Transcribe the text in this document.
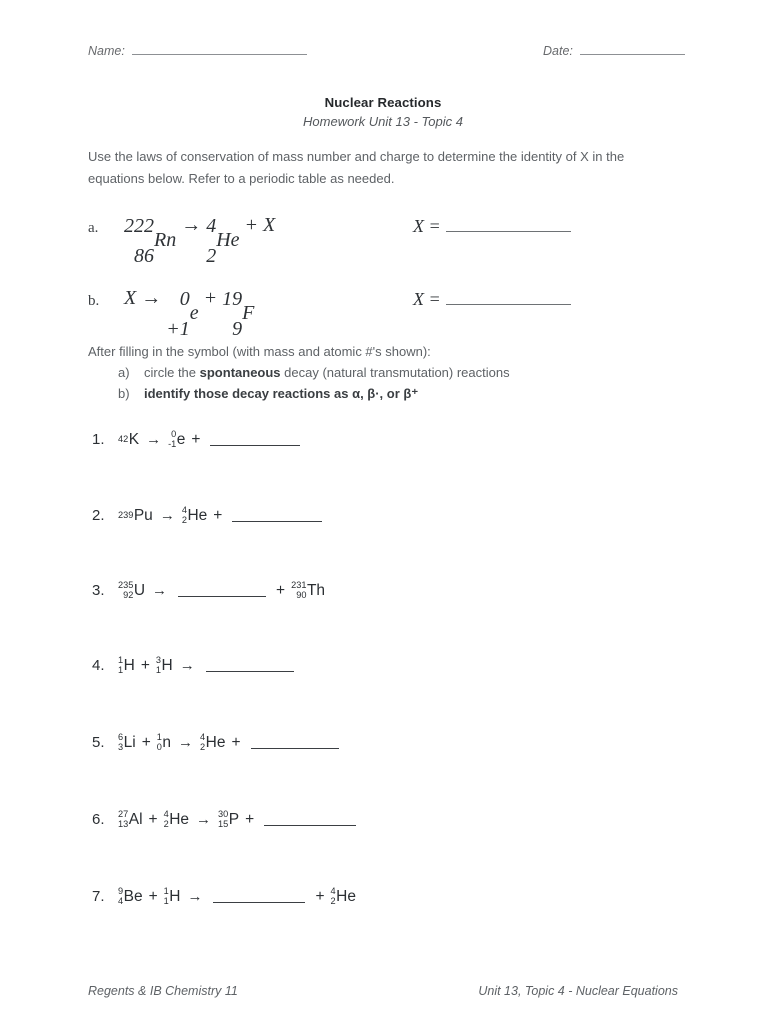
Name:	Date:
Nuclear Reactions
Homework Unit 13 - Topic 4
Use the laws of conservation of mass number and charge to determine the identity of X in the equations below. Refer to a periodic table as needed.
a. 222
86
Rn
→ 4
2
He
+ X	X =
b. X → 0
+1
e
+ 19
9
F
X =
After filling in the symbol (with mass and atomic #'s shown):
a)	circle the spontaneous decay (natural transmutation) reactions
b)	identify those decay reactions as α, β·, or β⁺
1.	42 K →	0
-1 e +
2.	239 Pu → 4
2 He +
3.	235
92 U →	+ 231
90 Th
4.	1
1 H + 3
1 H →
5.	6
3 Li + 1
0 n → 4
2 He +
6.	27
13 Al + 4
2 He → 30
15 P +
7.	9
4 Be + 1
1 H →	+ 4
2 He
Regents & IB Chemistry 11	Unit 13, Topic 4 - Nuclear Equations
